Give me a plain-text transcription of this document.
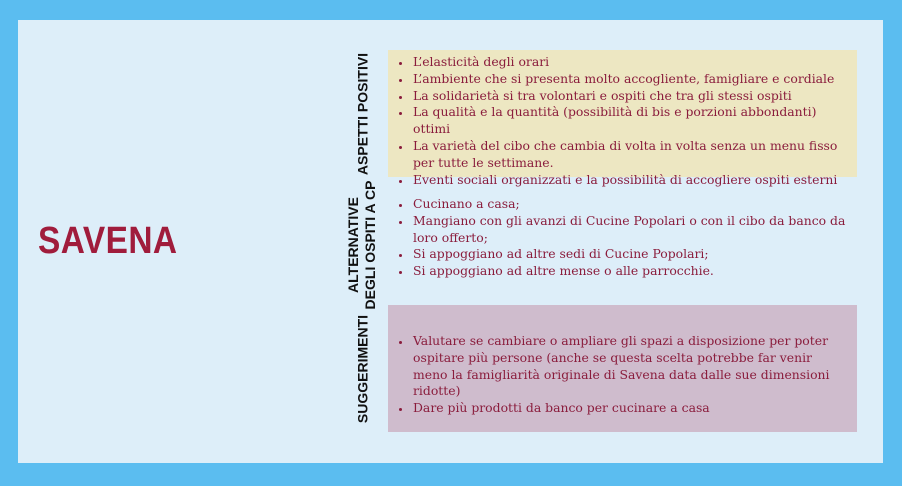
SAVENA
ASPETTI POSITIVI
ALTERNATIVE DEGLI OSPITI A CP
SUGGERIMENTI
• L’elasticità degli orari
• L’ambiente che si presenta molto accogliente, famigliare e cordiale
• La solidarietà si tra volontari e ospiti che tra gli stessi ospiti
• La qualità e la quantità (possibilità di bis e porzioni abbondanti) ottimi
• La varietà del cibo che cambia di volta in volta senza un menu fisso per tutte le settimane.
• Eventi sociali organizzati e la possibilità di accogliere ospiti esterni
• Cucinano a casa;
• Mangiano con gli avanzi di Cucine Popolari o con il cibo da banco da loro offerto;
• Si appoggiano ad altre sedi di Cucine Popolari;
• Si appoggiano ad altre mense o alle parrocchie.
• Valutare se cambiare o ampliare gli spazi a disposizione per poter ospitare più persone (anche se questa scelta potrebbe far venir meno la famigliarità originale di Savena data dalle sue dimensioni ridotte)
• Dare più prodotti da banco per cucinare a casa
